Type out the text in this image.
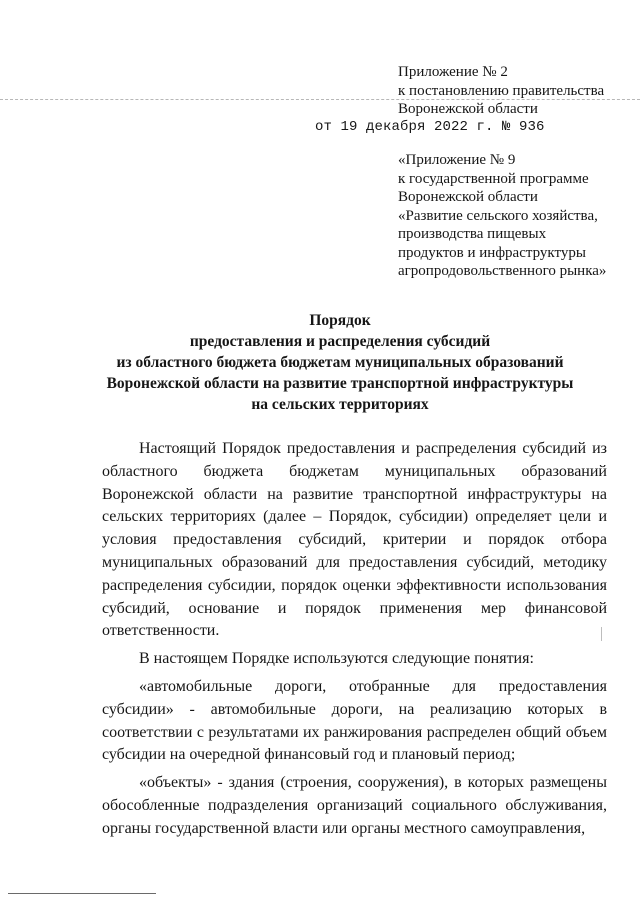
Приложение № 2
к постановлению правительства
Воронежской области
от 19 декабря 2022 г. № 936
«Приложение № 9
к государственной программе
Воронежской области
«Развитие сельского хозяйства,
производства пищевых
продуктов и инфраструктуры
агропродовольственного рынка»
Порядок
предоставления и распределения субсидий
из областного бюджета бюджетам муниципальных образований
Воронежской области на развитие транспортной инфраструктуры
на сельских территориях

Настоящий Порядок предоставления и распределения субсидий из областного бюджета бюджетам муниципальных образований Воронежской области на развитие транспортной инфраструктуры на сельских территориях (далее – Порядок, субсидии) определяет цели и условия предоставления субсидий, критерии и порядок отбора муниципальных образований для предоставления субсидий, методику распределения субсидии, порядок оценки эффективности использования субсидий, основание и порядок применения мер финансовой ответственности.

В настоящем Порядке используются следующие понятия:

«автомобильные дороги, отобранные для предоставления субсидии» - автомобильные дороги, на реализацию которых в соответствии с результатами их ранжирования распределен общий объем субсидии на очередной финансовый год и плановый период;

«объекты» - здания (строения, сооружения), в которых размещены обособленные подразделения организаций социального обслуживания, органы государственной власти или органы местного самоуправления,
